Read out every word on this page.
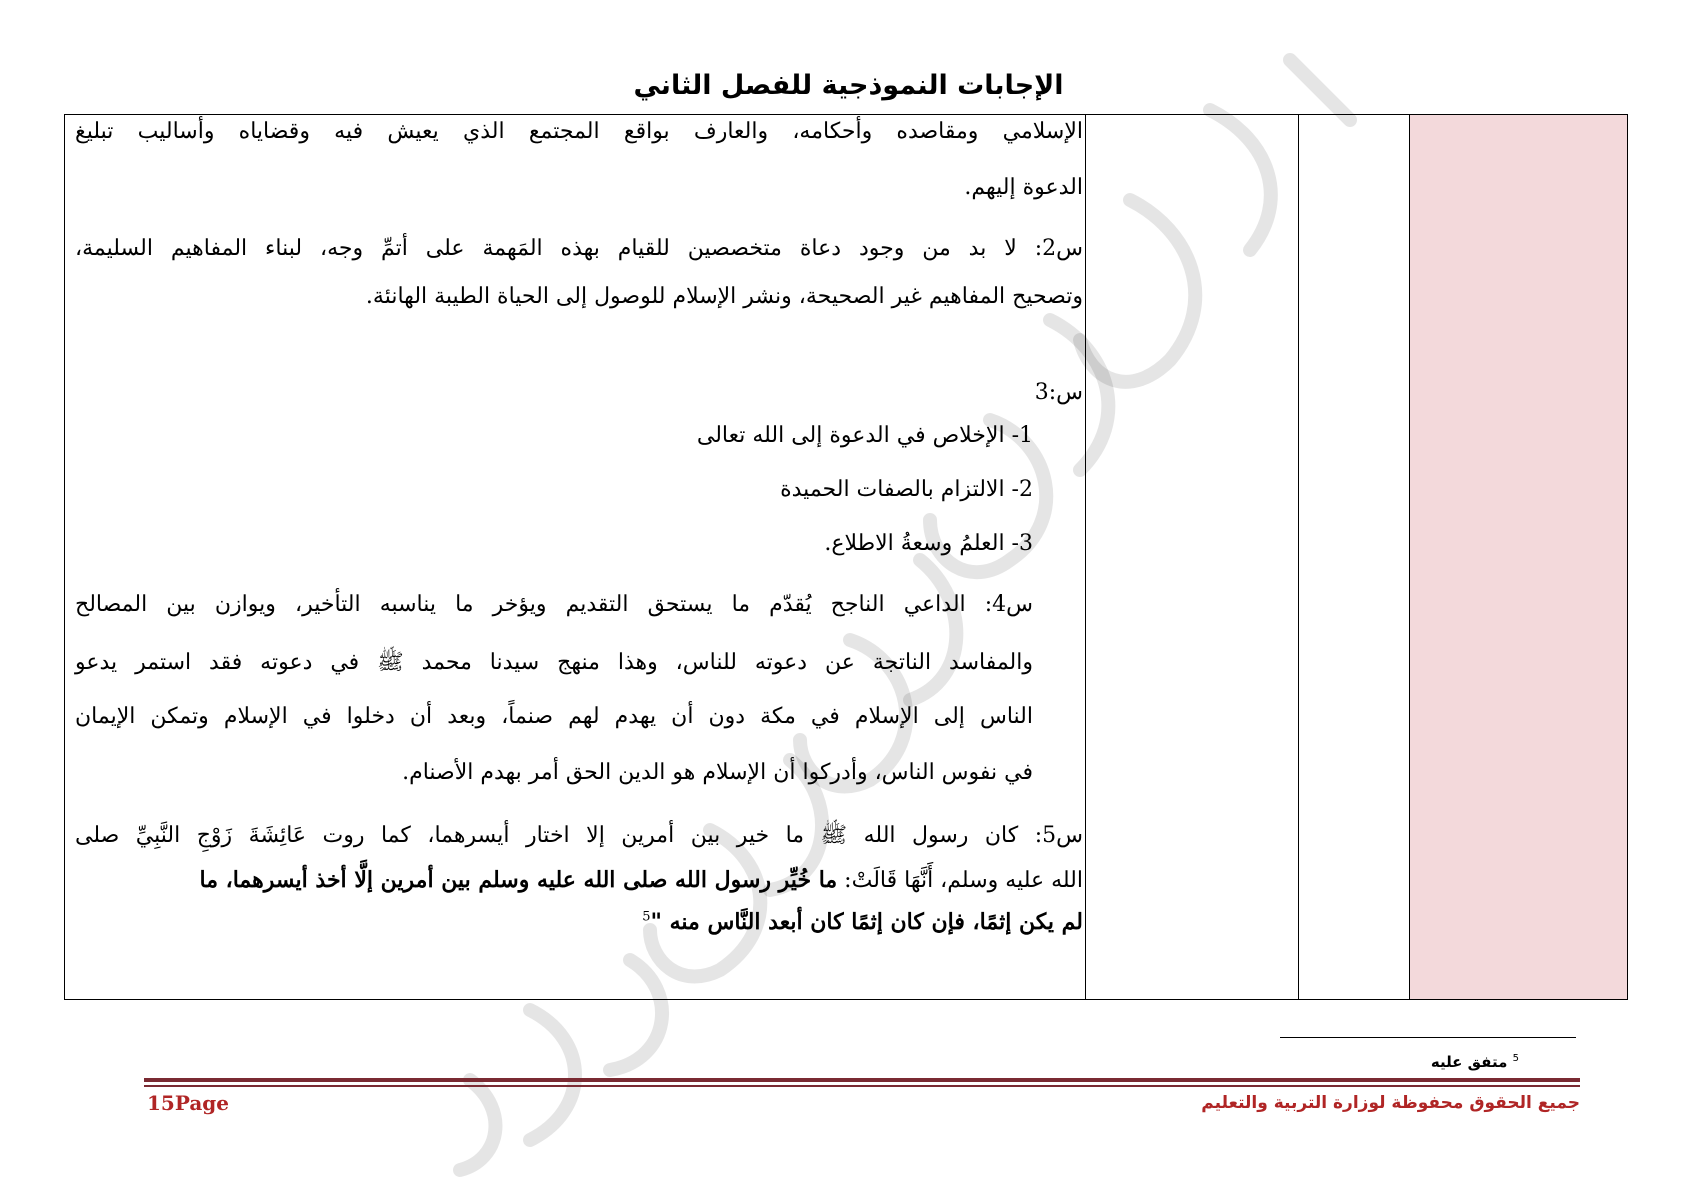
الإجابات النموذجية للفصل الثاني
الإسلامي ومقاصده وأحكامه، والعارف بواقع المجتمع الذي يعيش فيه وقضاياه وأساليب تبليغ
الدعوة إليهم.
س2: لا بد من وجود دعاة متخصصين للقيام بهذه المَهمة على أتمِّ وجه، لبناء المفاهيم السليمة،
وتصحيح المفاهيم غير الصحيحة، ونشر الإسلام للوصول إلى الحياة الطيبة الهانئة.
س:3
1- الإخلاص في الدعوة إلى الله تعالى
2- الالتزام بالصفات الحميدة
3- العلمُ وسعةُ الاطلاع.
س4: الداعي الناجح يُقدّم ما يستحق التقديم ويؤخر ما يناسبه التأخير، ويوازن بين المصالح
والمفاسد الناتجة عن دعوته للناس، وهذا منهج سيدنا محمد ﷺ في دعوته فقد استمر يدعو
الناس إلى الإسلام في مكة دون أن يهدم لهم صنماً، وبعد أن دخلوا في الإسلام وتمكن الإيمان
في نفوس الناس، وأدركوا أن الإسلام هو الدين الحق أمر بهدم الأصنام.
س5: كان رسول الله ﷺ ما خير بين أمرين إلا اختار أيسرهما، كما روت عَائِشَةَ زَوْجِ النَّبِيِّ صلى
الله عليه وسلم، أَنَّهَا قَالَتْ: ما خُيِّر رسول الله صلى الله عليه وسلم بين أمرين إلَّا أخذ أيسرهما، ما
لم يكن إثمًا، فإن كان إثمًا كان أبعد النَّاس منه "$^5$
$^5$ متفق عليه
جميع الحقوق محفوظة لوزارة التربية والتعليم
15Page
